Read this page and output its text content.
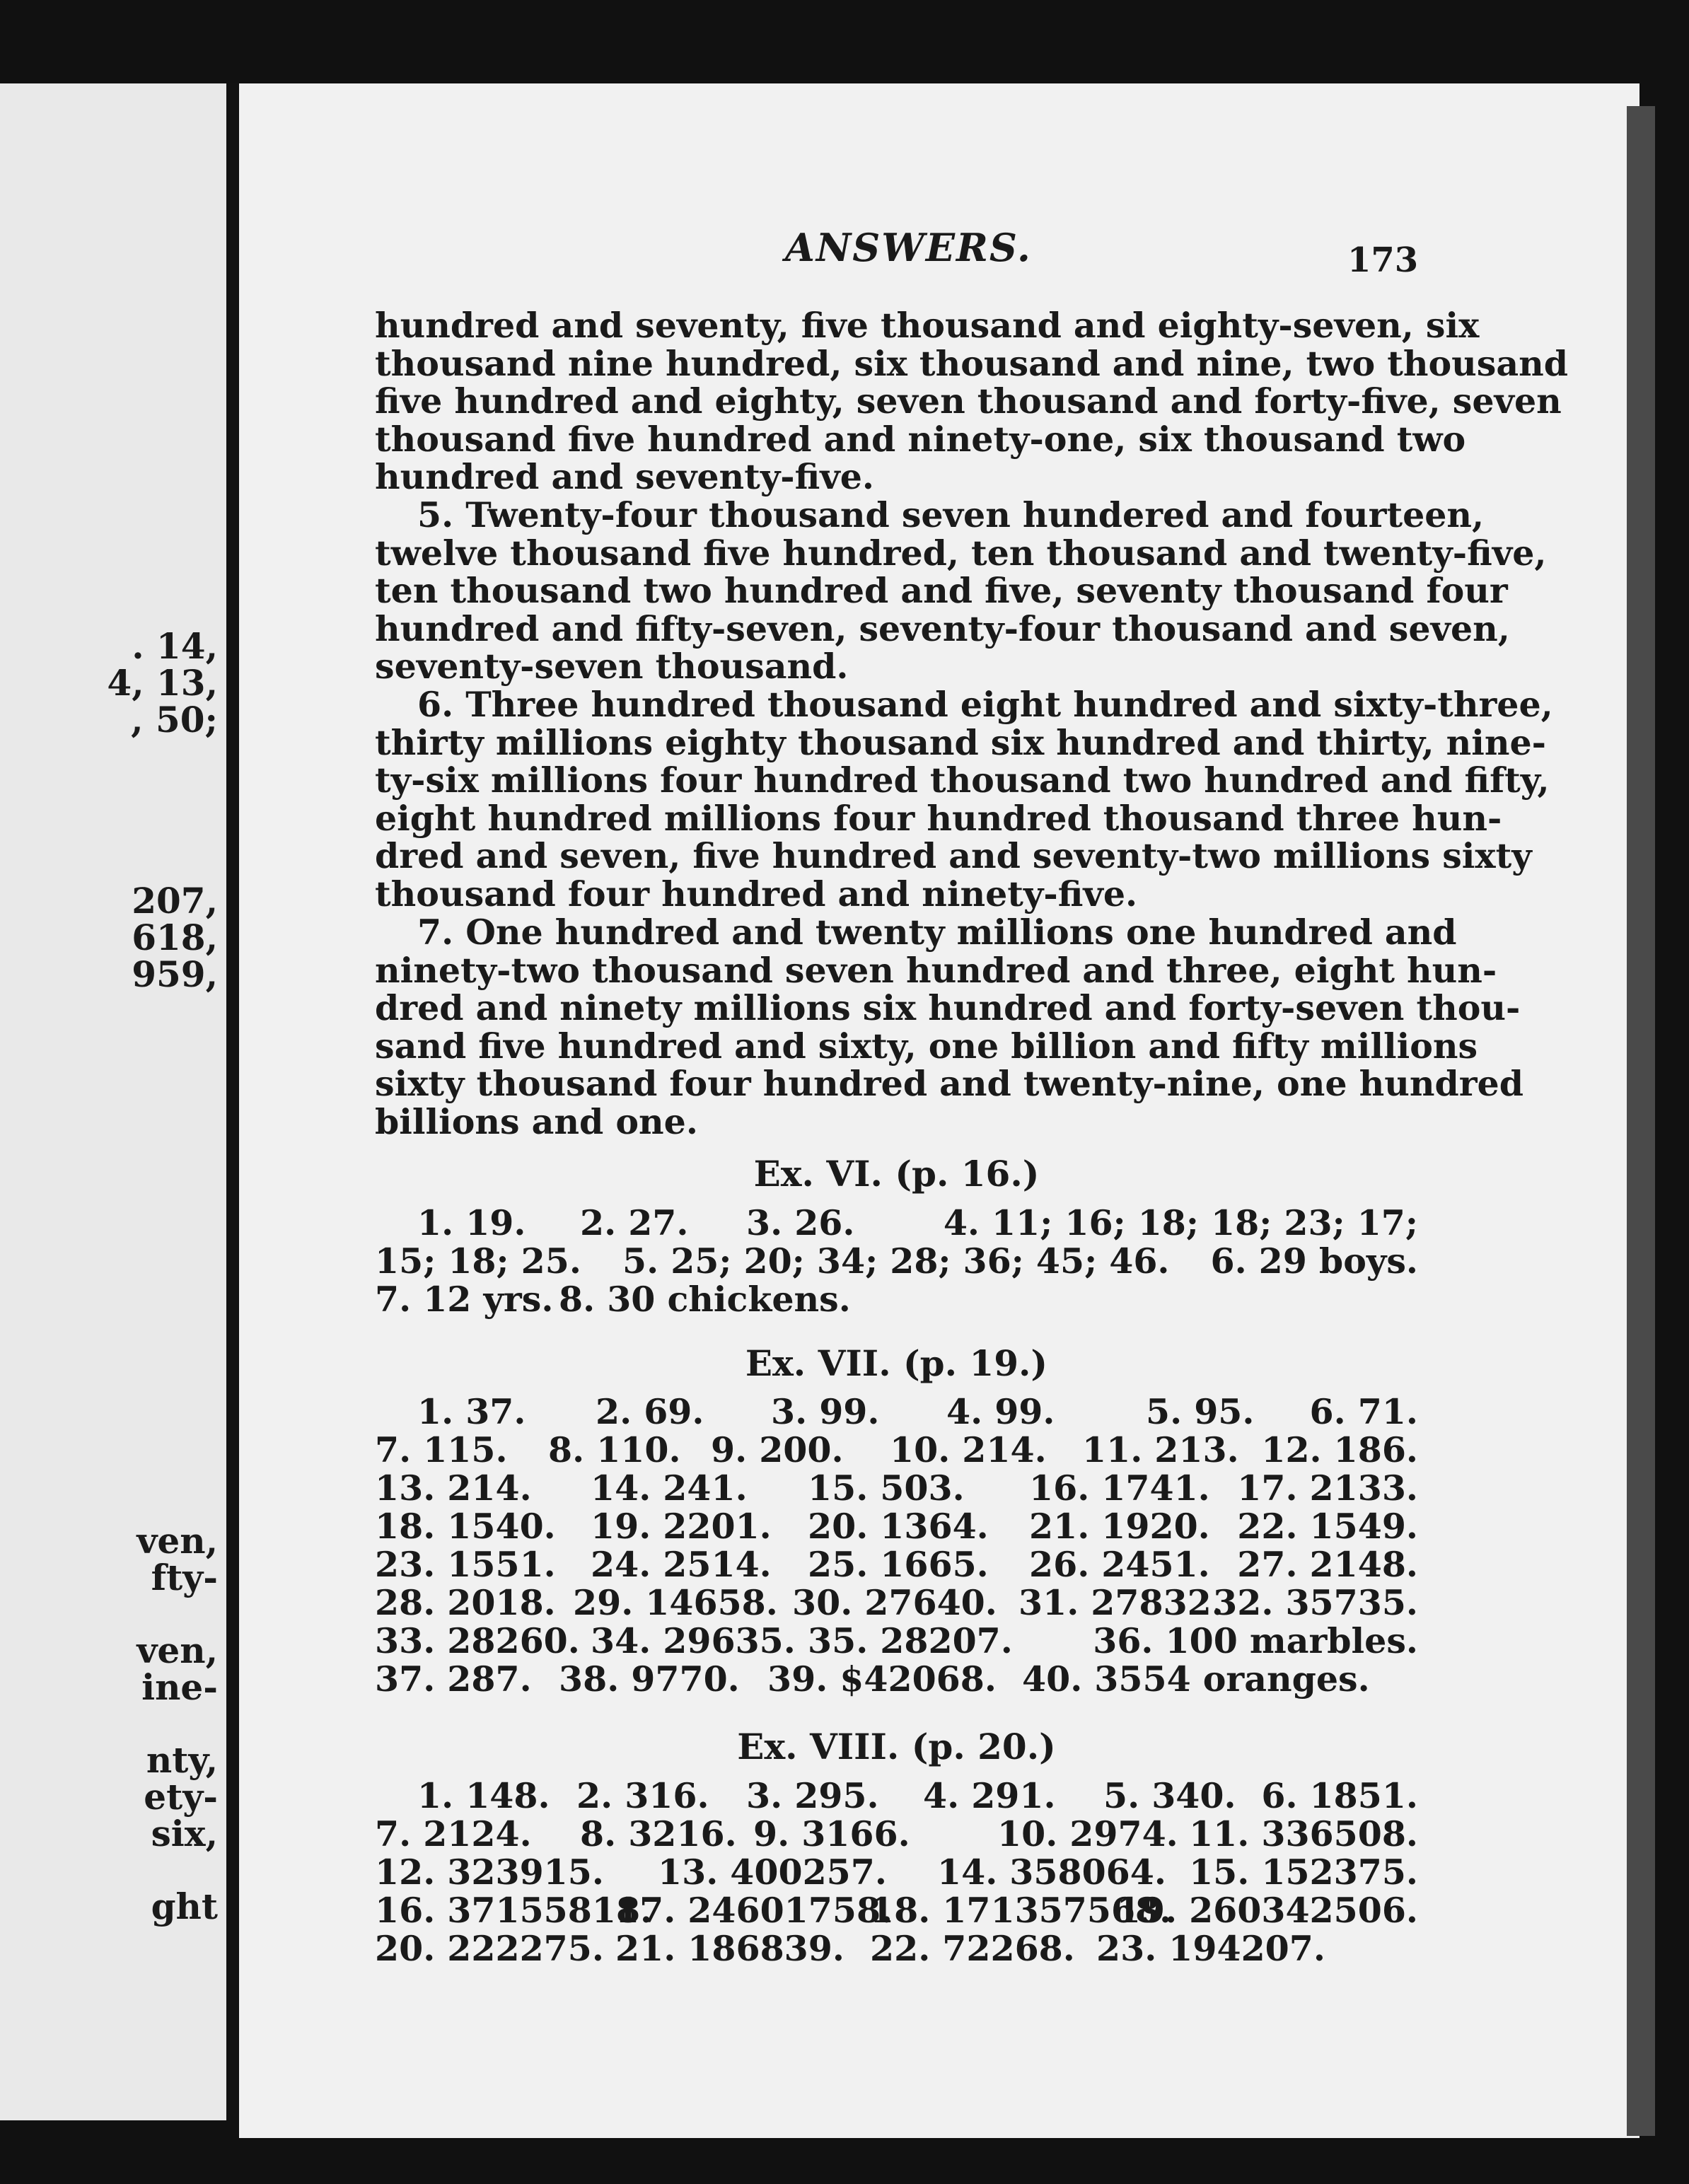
. 14,
4, 13,
, 50;
207,
618,
959,
ven,
fty-
ven,
ine-
nty,
ety-
six,
ght
ANSWERS.	173
hundred and seventy, five thousand and eighty-seven, six
thousand nine hundred, six thousand and nine, two thousand
five hundred and eighty, seven thousand and forty-five, seven
thousand five hundred and ninety-one, six thousand two
hundred and seventy-five.
5. Twenty-four thousand seven hundered and fourteen,
twelve thousand five hundred, ten thousand and twenty-five,
ten thousand two hundred and five, seventy thousand four
hundred and fifty-seven, seventy-four thousand and seven,
seventy-seven thousand.
6. Three hundred thousand eight hundred and sixty-three,
thirty millions eighty thousand six hundred and thirty, nine-
ty-six millions four hundred thousand two hundred and fifty,
eight hundred millions four hundred thousand three hun-
dred and seven, five hundred and seventy-two millions sixty
thousand four hundred and ninety-five.
7. One hundred and twenty millions one hundred and
ninety-two thousand seven hundred and three, eight hun-
dred and ninety millions six hundred and forty-seven thou-
sand five hundred and sixty, one billion and fifty millions
sixty thousand four hundred and twenty-nine, one hundred
billions and one.
Ex. VI. (p. 16.)
1. 19. 2. 27. 3. 26.	4. 11; 16; 18; 18; 23; 17;
15; 18; 25. 5. 25; 20; 34; 28; 36; 45; 46. 6. 29 boys.
7. 12 yrs. 8. 30 chickens.
Ex. VII. (p. 19.)
1. 37. 2. 69. 3. 99. 4. 99.	5. 95. 6. 71.
7. 115. 8. 110. 9. 200. 10. 214. 11. 213. 12. 186.
13. 214. 14. 241. 15. 503. 16. 1741. 17. 2133.
18. 1540. 19. 2201. 20. 1364. 21. 1920. 22. 1549.
23. 1551. 24. 2514. 25. 1665. 26. 2451. 27. 2148.
28. 2018. 29. 14658. 30. 27640. 31. 27832.
32. 35735.
33. 28260. 34. 29635. 35. 28207. 36. 100 marbles.
37. 287. 38. 9770. 39. $42068. 40. 3554 oranges.
Ex. VIII. (p. 20.)
1. 148. 2. 316. 3. 295. 4. 291. 5. 340. 6. 1851.
7. 2124. 8. 3216. 9. 3166.	10. 2974. 11. 336508.
12. 323915. 13. 400257. 14. 358064. 15. 152375.
16. 37155818.
17. 24601758.
18. 171357568.
19. 260342506.
20. 222275. 21. 186839. 22. 72268. 23. 194207.
